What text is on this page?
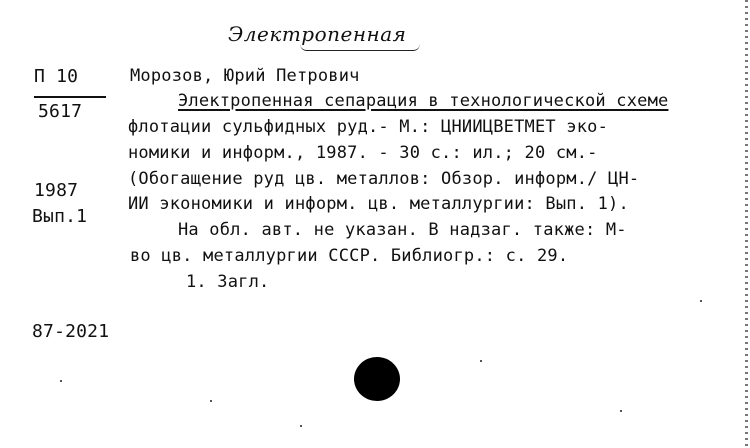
Электропенная
П 10
5617
1987
Вып.1
87-2021
Морозов, Юрий Петрович
Электропенная сепарация в технологической схеме
флотации сульфидных руд.- М.: ЦНИИЦВЕТМЕТ эко-
номики и информ., 1987. - 30 с.: ил.; 20 см.-
(Обогащение руд цв. металлов: Обзор. информ./ ЦН-
ИИ экономики и информ. цв. металлургии: Вып. 1).
На обл. авт. не указан. В надзаг. также: М-
во цв. металлургии СССР. Библиогр.: с. 29.
1. Загл.
